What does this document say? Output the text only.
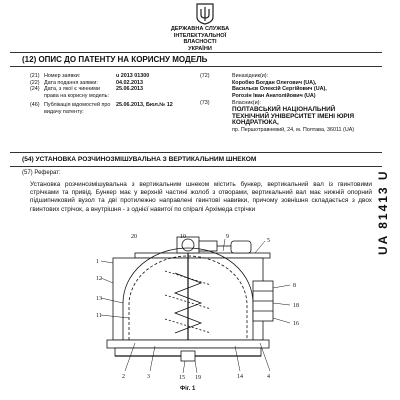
ДЕРЖАВНА СЛУЖБА
ІНТЕЛЕКТУАЛЬНОЇ
ВЛАСНОСТІ
УКРАЇНИ
(12) ОПИС ДО ПАТЕНТУ НА КОРИСНУ МОДЕЛЬ
(21) Номер заявки:	u 2013 01300
(22) Дата подання заявки:	04.02.2013
(24) Дата, з якої є чинними права на корисну модель:
25.06.2013
(46) Публікація відомостей про видачу патенту:
25.06.2013, Бюл.№ 12
(72)	Винахідник(и):
Коробко Богдан Олегович (UA),
Васильєв Олексій Сергійович (UA),
Рогозін Іван Анатолійович (UA)
(73)	Власник(и):
ПОЛТАВСЬКИЙ НАЦІОНАЛЬНИЙ
ТЕХНІЧНИЙ УНІВЕРСИТЕТ ІМЕНІ ЮРІЯ
КОНДРАТЮКА,
пр. Першотравневий, 24, м. Полтава, 36011 (UA)
(54) УСТАНОВКА РОЗЧИНОЗМІШУВАЛЬНА З ВЕРТИКАЛЬНИМ ШНЕКОМ
(57) Реферат:
Установка розчинозмішувальна з вертикальним шнеком містить бункер, вертикальний вал із гвинтовими стрічками та привід. Бункер має у верхній частині жолоб з отворами, вертикальний вал має нижній опорний підшипниковий вузол та дві протилежно направлені гвинтові навивки, причому зовнішня складається з двох гвинтових стрічок, а внутрішня - з однієї навитої по спіралі Архімеда стрічки	UA 81413 U
20	10	9
5
8
1
12
13
11
2	3	15 19	14	4
18
16
Фіг. 1
